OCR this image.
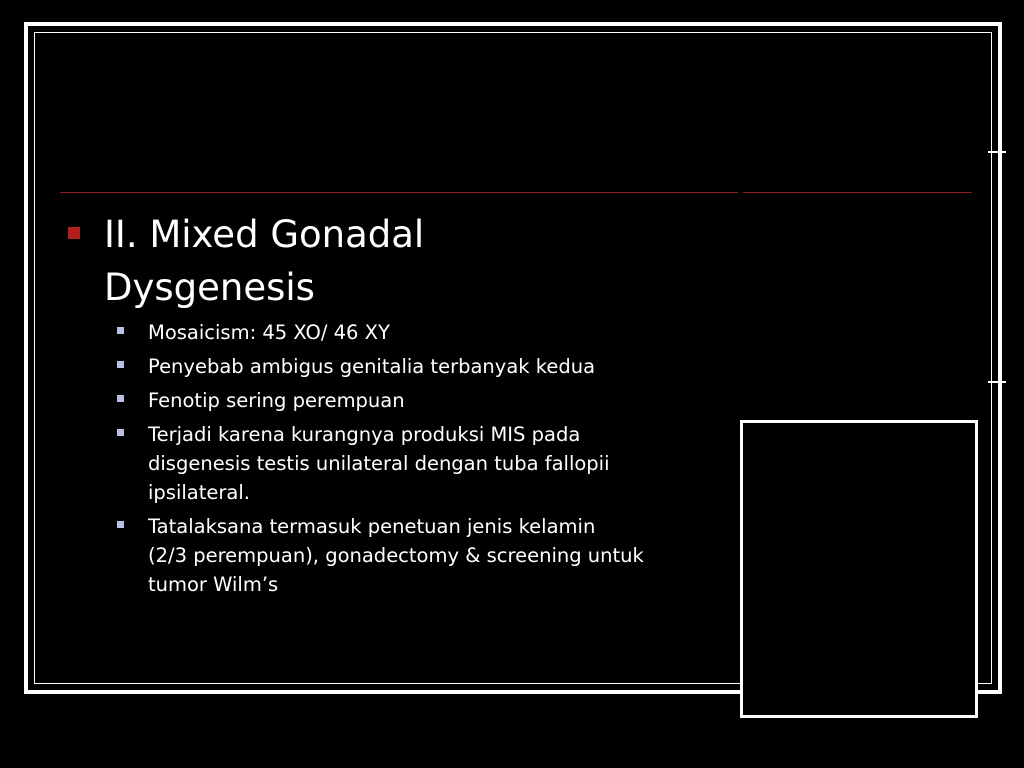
II. Mixed Gonadal
Dysgenesis
Mosaicism: 45 XO/ 46 XY
Penyebab ambigus genitalia terbanyak kedua
Fenotip sering perempuan
Terjadi karena kurangnya produksi MIS pada
disgenesis testis unilateral dengan tuba fallopii
ipsilateral.
Tatalaksana termasuk penetuan jenis kelamin
(2/3 perempuan), gonadectomy & screening untuk
tumor Wilm’s
